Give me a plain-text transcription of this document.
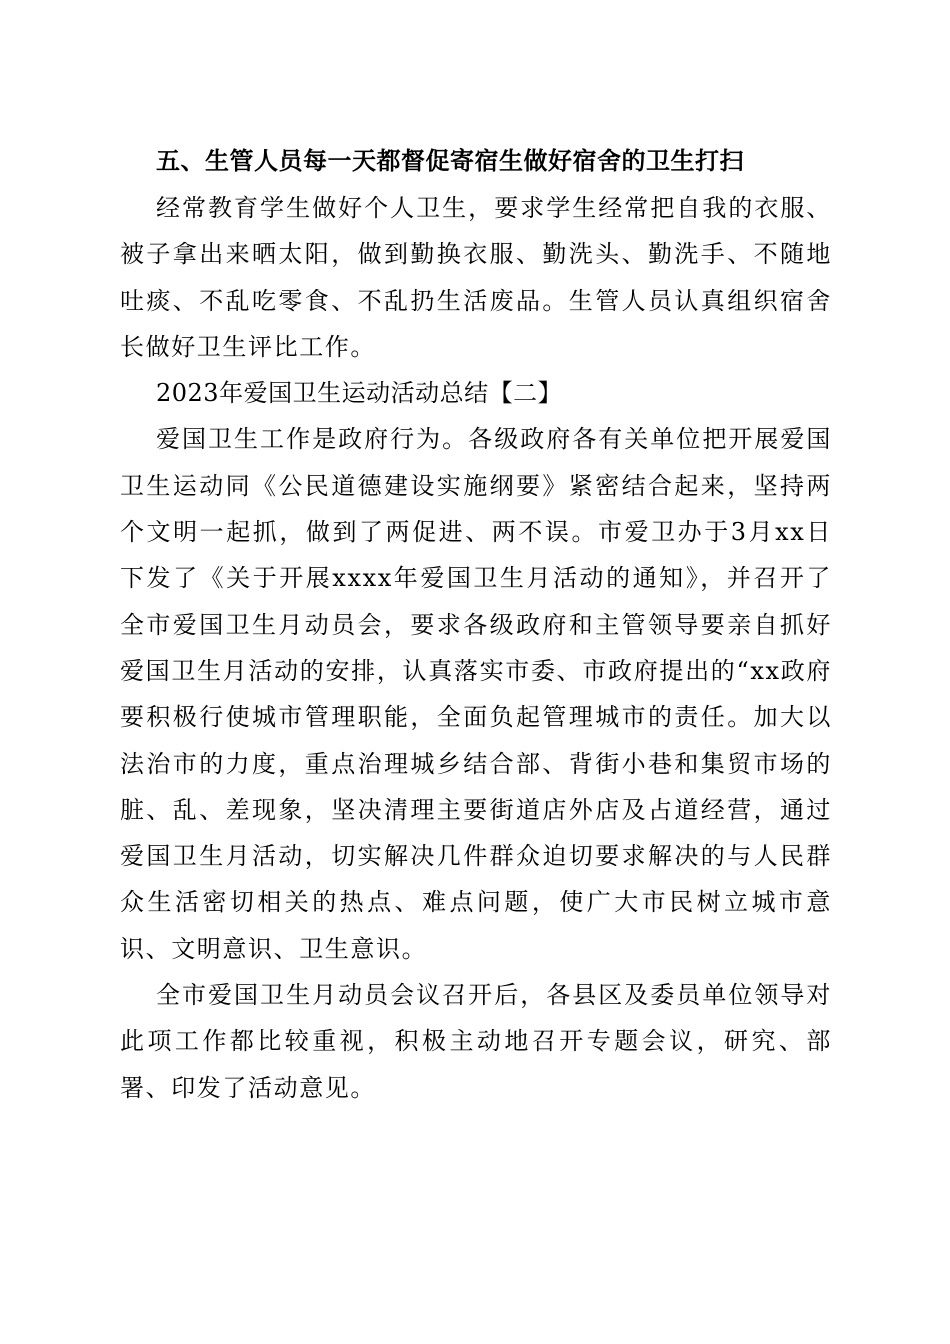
五、生管人员每一天都督促寄宿生做好宿舍的卫生打扫

经常教育学生做好个人卫生，要求学生经常把自我的衣服、被子拿出来晒太阳，做到勤换衣服、勤洗头、勤洗手、不随地吐痰、不乱吃零食、不乱扔生活废品。生管人员认真组织宿舍长做好卫生评比工作。

2023年爱国卫生运动活动总结【二】

爱国卫生工作是政府行为。各级政府各有关单位把开展爱国卫生运动同《公民道德建设实施纲要》紧密结合起来，坚持两个文明一起抓，做到了两促进、两不误。市爱卫办于3月xx日下发了《关于开展xxxx年爱国卫生月活动的通知》，并召开了全市爱国卫生月动员会，要求各级政府和主管领导要亲自抓好爱国卫生月活动的安排，认真落实市委、市政府提出的“xx政府要积极行使城市管理职能，全面负起管理城市的责任。加大以法治市的力度，重点治理城乡结合部、背街小巷和集贸市场的脏、乱、差现象，坚决清理主要街道店外店及占道经营，通过爱国卫生月活动，切实解决几件群众迫切要求解决的与人民群众生活密切相关的热点、难点问题，使广大市民树立城市意识、文明意识、卫生意识。

全市爱国卫生月动员会议召开后，各县区及委员单位领导对此项工作都比较重视，积极主动地召开专题会议，研究、部署、印发了活动意见。
